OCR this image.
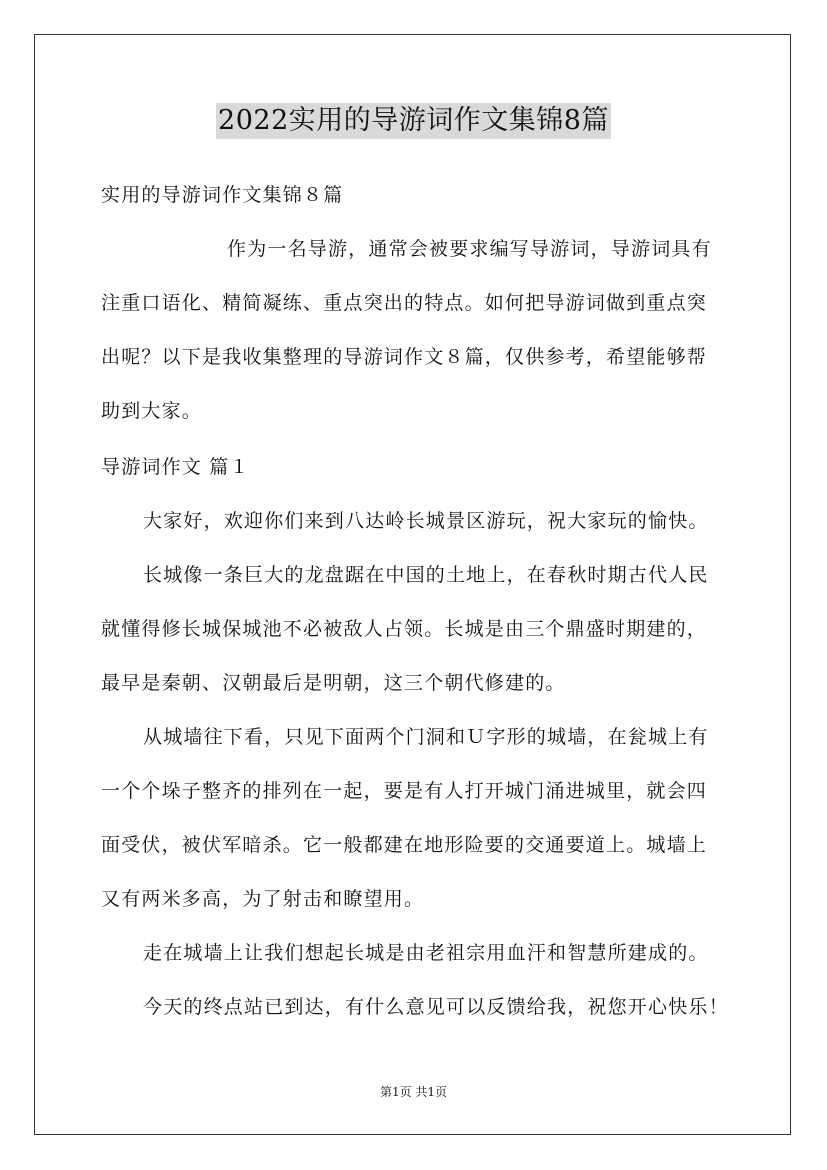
2022实用的导游词作文集锦8篇
实用的导游词作文集锦８篇
作为一名导游，通常会被要求编写导游词，导游词具有
注重口语化、精简凝练、重点突出的特点。如何把导游词做到重点突
出呢？以下是我收集整理的导游词作文８篇，仅供参考，希望能够帮
助到大家。
导游词作文 篇１
大家好，欢迎你们来到八达岭长城景区游玩，祝大家玩的愉快。
长城像一条巨大的龙盘踞在中国的土地上，在春秋时期古代人民
就懂得修长城保城池不必被敌人占领。长城是由三个鼎盛时期建的，
最早是秦朝、汉朝最后是明朝，这三个朝代修建的。
从城墙往下看，只见下面两个门洞和Ｕ字形的城墙，在瓮城上有
一个个垛子整齐的排列在一起，要是有人打开城门涌进城里，就会四
面受伏，被伏军暗杀。它一般都建在地形险要的交通要道上。城墙上
又有两米多高，为了射击和瞭望用。
走在城墙上让我们想起长城是由老祖宗用血汗和智慧所建成的。
今天的终点站已到达，有什么意见可以反馈给我，祝您开心快乐！
第1页 共1页
